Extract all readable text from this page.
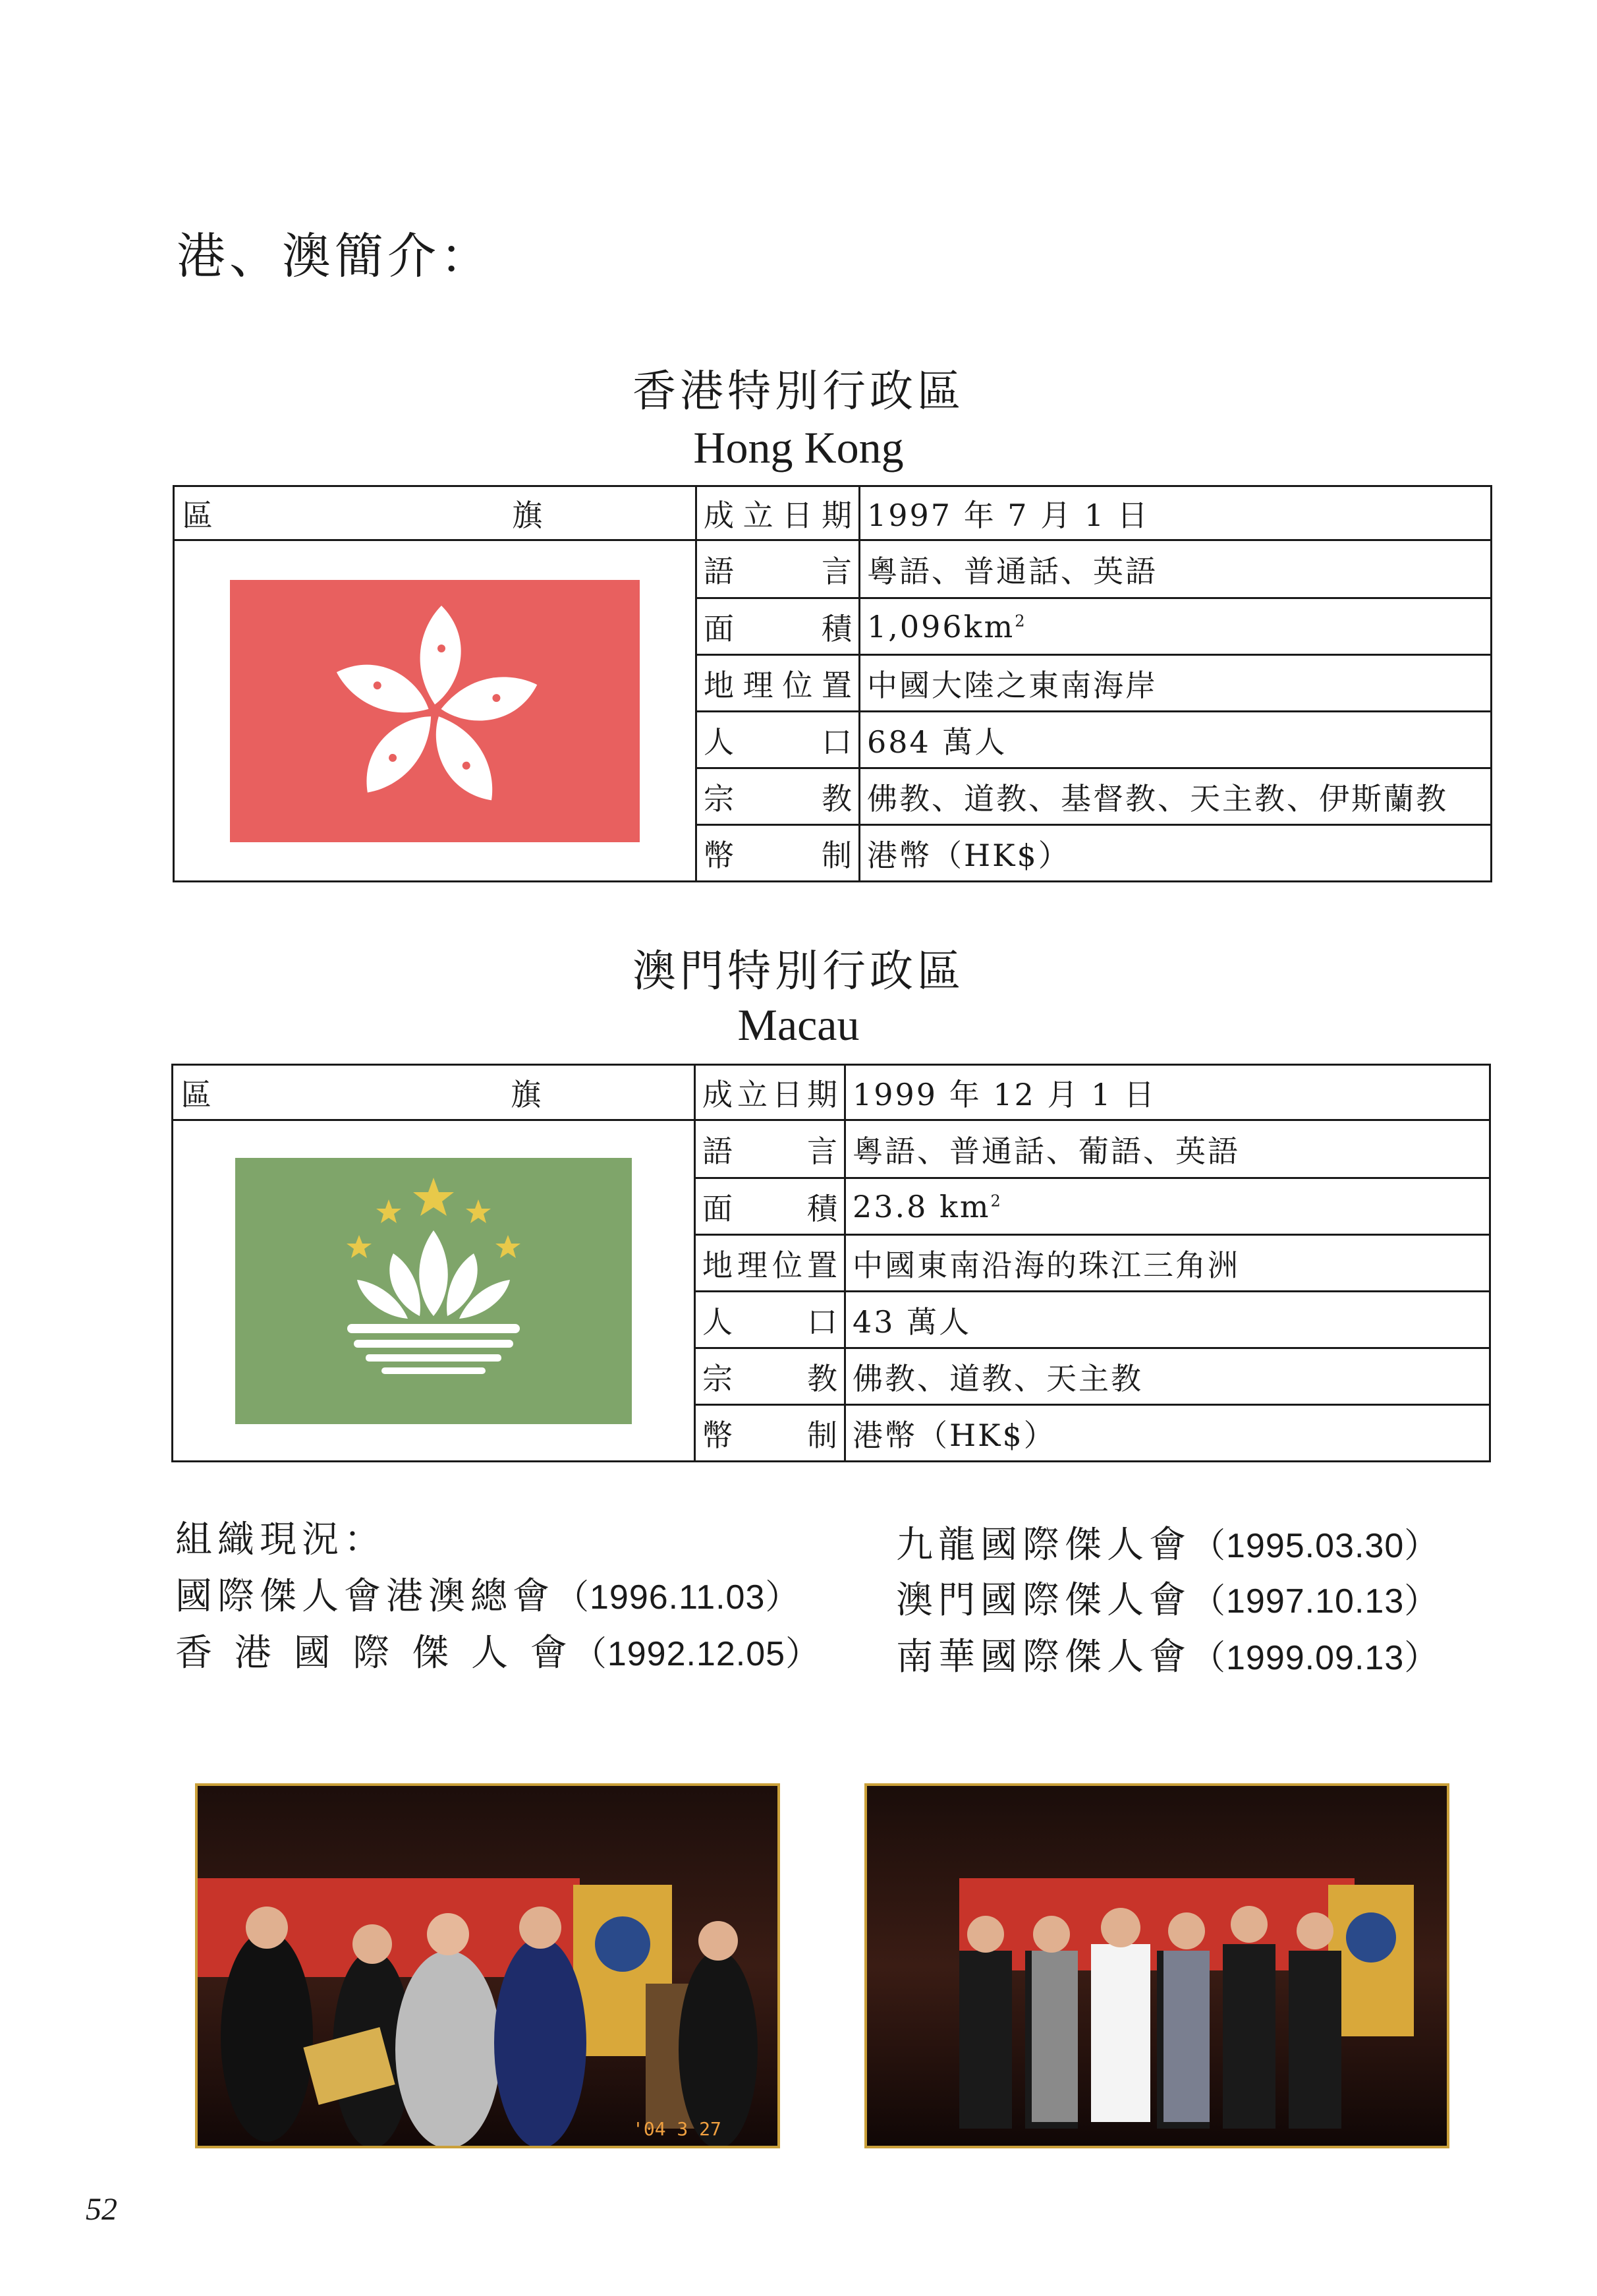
港、澳簡介：
香港特別行政區
Hong Kong
區 旗	成立日期	1997 年 7 月 1 日

	語言	粵語、普通話、英語
	面積	$1,096km^2$
	地理位置	中國大陸之東南海岸
	人口	684 萬人
	宗教	佛教、道教、基督教、天主教、伊斯蘭教
	幣制	港幣（HK$）
澳門特別行政區
Macau
區 旗	成立日期	1999 年 12 月 1 日

	語言	粵語、普通話、葡語、英語
	面積	23.8 $km^2$
	地理位置	中國東南沿海的珠江三角洲
	人口	43 萬人
	宗教	佛教、道教、天主教
	幣制	港幣（HK$）
組織現況：
國際傑人會港澳總會（1996.11.03）
香 港 國 際 傑 人 會（1992.12.05）
九龍國際傑人會（1995.03.30）
澳門國際傑人會（1997.10.13）
南華國際傑人會（1999.09.13）
'04 3 27
52
